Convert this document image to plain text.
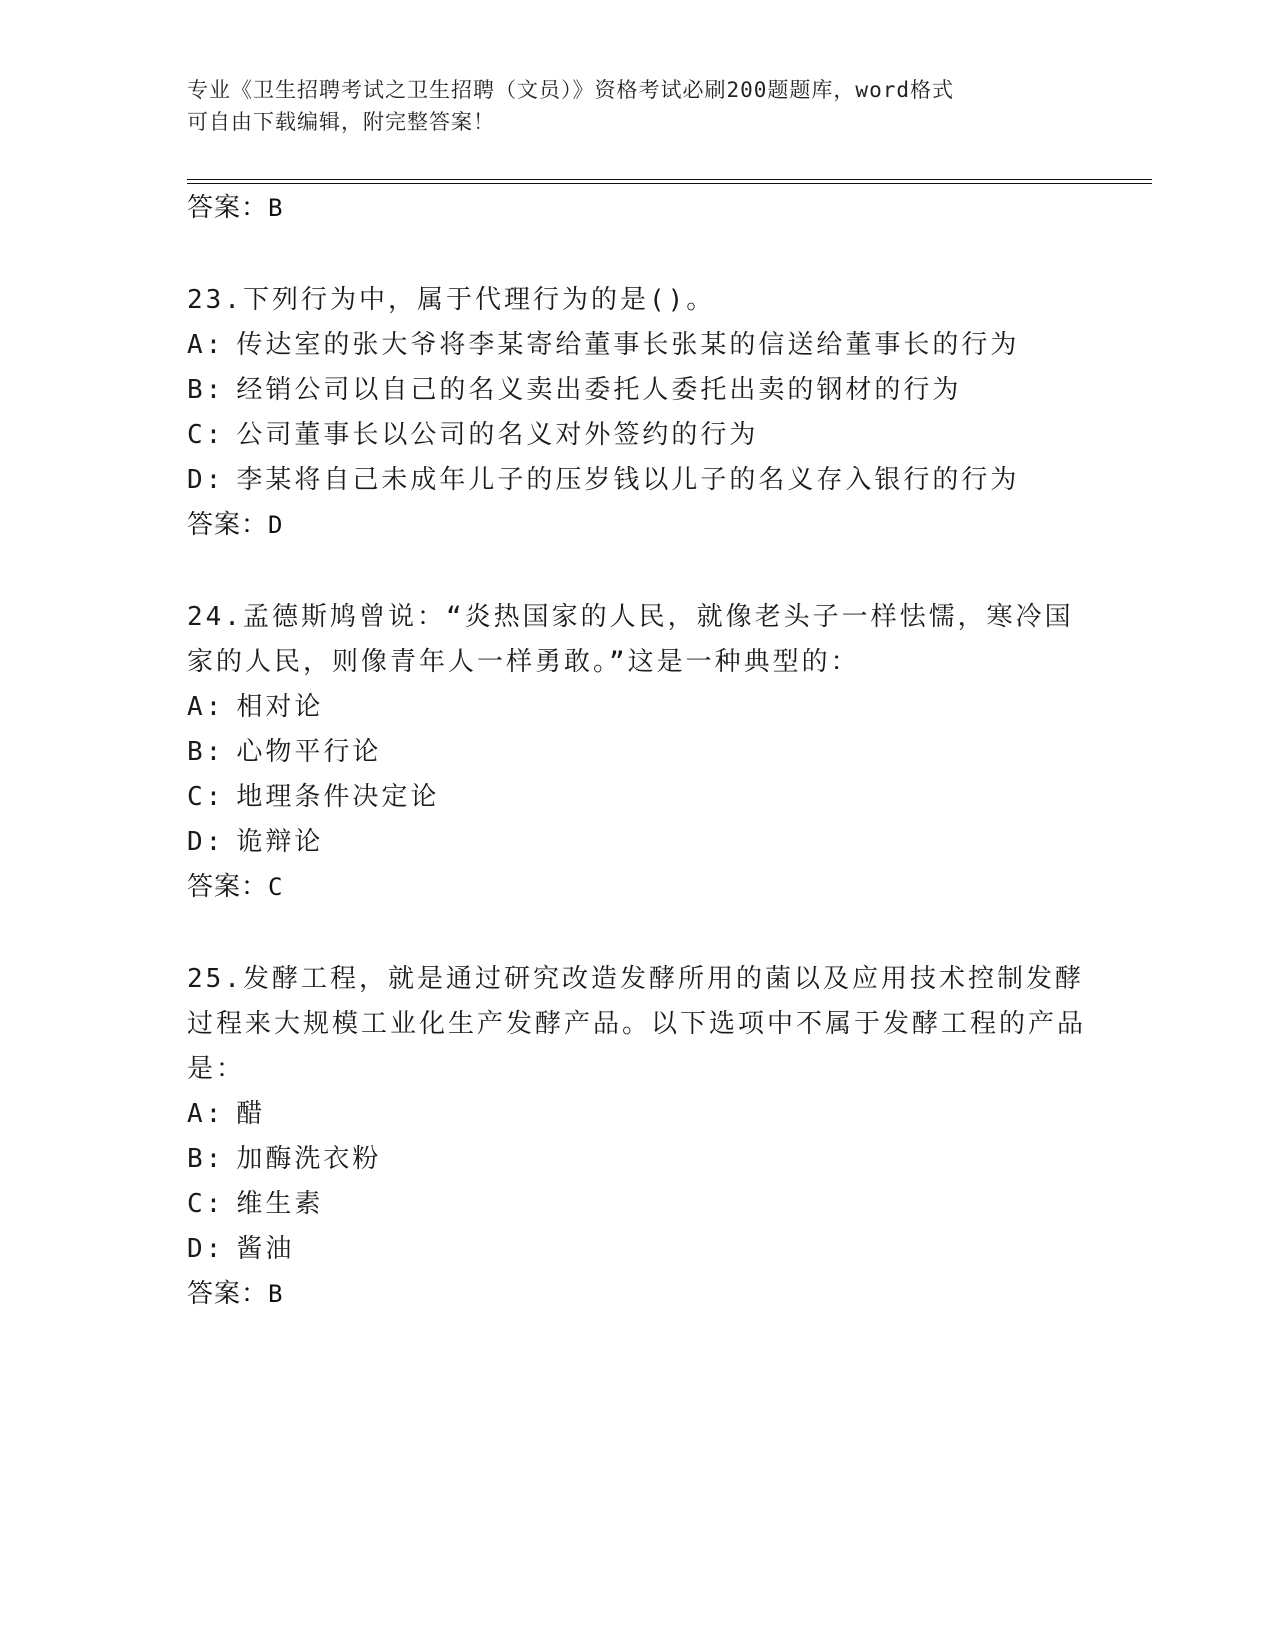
专业《卫生招聘考试之卫生招聘（文员）》资格考试必刷200题题库，word格式
可自由下载编辑，附完整答案！
答案：B
23.下列行为中，属于代理行为的是()。
A: 传达室的张大爷将李某寄给董事长张某的信送给董事长的行为
B: 经销公司以自己的名义卖出委托人委托出卖的钢材的行为
C: 公司董事长以公司的名义对外签约的行为
D: 李某将自己未成年儿子的压岁钱以儿子的名义存入银行的行为
答案：D
24.孟德斯鸠曾说：“炎热国家的人民，就像老头子一样怯懦，寒冷国家的人民，则像青年人一样勇敢。”这是一种典型的：
A: 相对论
B: 心物平行论
C: 地理条件决定论
D: 诡辩论
答案：C
25.发酵工程，就是通过研究改造发酵所用的菌以及应用技术控制发酵过程来大规模工业化生产发酵产品。以下选项中不属于发酵工程的产品是：
A: 醋
B: 加酶洗衣粉
C: 维生素
D: 酱油
答案：B
